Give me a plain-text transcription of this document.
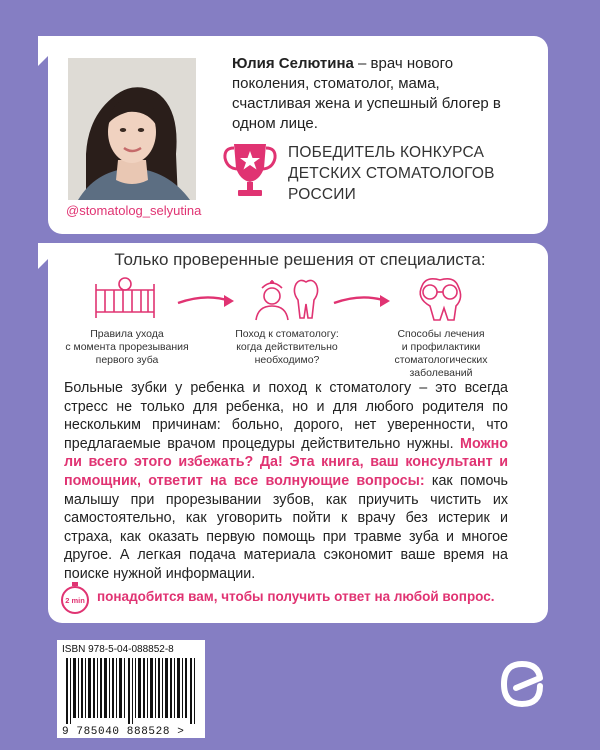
@stomatolog_selyutina
Юлия Селютина – врач нового поколения, стоматолог, мама, счастливая жена и успешный блогер в одном лице.
ПОБЕДИТЕЛЬ КОНКУРСА
ДЕТСКИХ СТОМАТОЛОГОВ
РОССИИ
Только проверенные решения от специалиста:
Правила ухода
с момента прорезывания
первого зуба
Поход к стоматологу:
когда действительно
необходимо?
Способы лечения
и профилактики
стоматологических
заболеваний
Больные зубки у ребенка и поход к стоматологу – это всегда стресс не только для ребенка, но и для любого родителя по нескольким причинам: больно, дорого, нет уверенности, что предлагаемые врачом процедуры действительно нужны. Можно ли всего этого избежать? Да! Эта книга, ваш консультант и помощник, ответит на все волнующие вопросы: как помочь малышу при прорезывании зубов, как приучить чистить их самостоятельно, как уговорить пойти к врачу без истерик и страха, как оказать первую помощь при травме зуба и многое другое. А легкая подача материала сэкономит ваше время на поиске нужной информации.
2 min понадобится вам, чтобы получить ответ на любой вопрос.
ISBN 978-5-04-088852-8
9 785040 888528 >
